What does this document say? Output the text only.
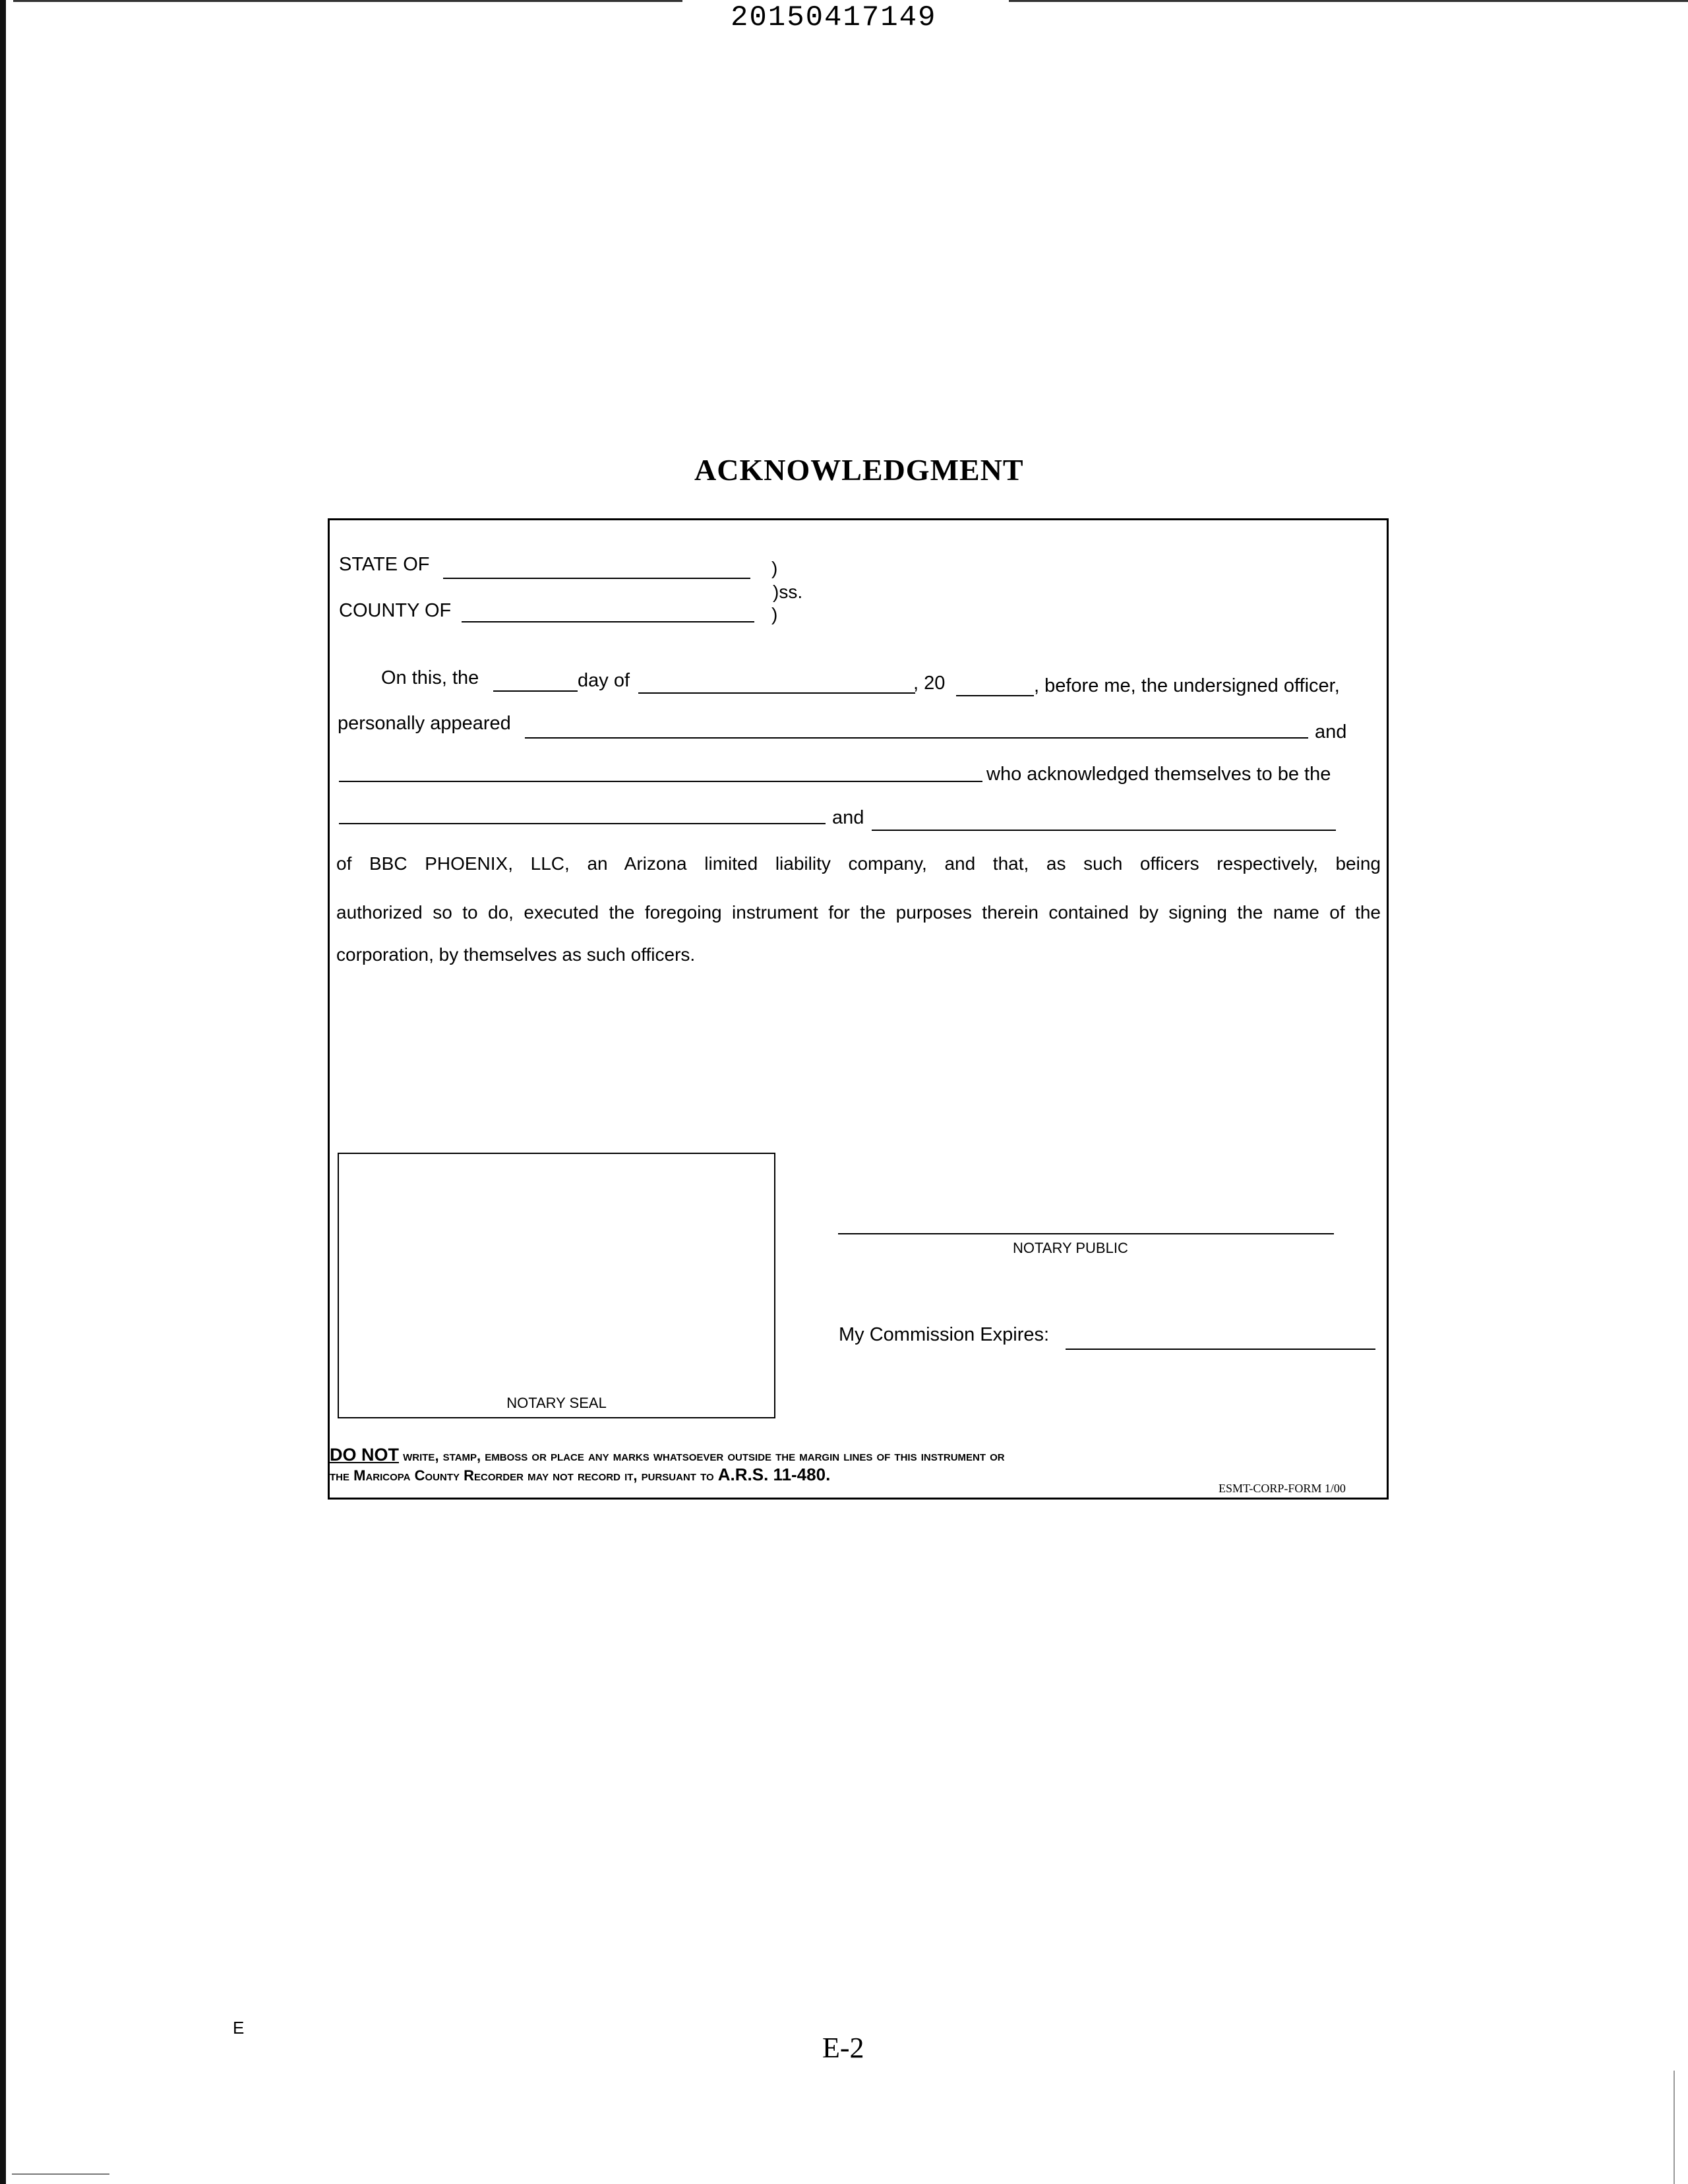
20150417149
ACKNOWLEDGMENT
STATE OF	)
)ss.
)
COUNTY OF
On this, the	day of	, 20	, before me, the undersigned officer,
personally appeared	and
who acknowledged themselves to be the
and
of BBC PHOENIX, LLC, an Arizona limited liability company, and that, as such officers respectively, being
authorized so to do, executed the foregoing instrument for the purposes therein contained by signing the name of the
corporation, by themselves as such officers.
NOTARY SEAL
NOTARY PUBLIC
My Commission Expires:
DO NOT write, stamp, emboss or place any marks whatsoever outside the margin lines of this instrument or
the Maricopa County Recorder may not record it, pursuant to A.R.S. 11-480.
ESMT-CORP-FORM 1/00
E
E-2
